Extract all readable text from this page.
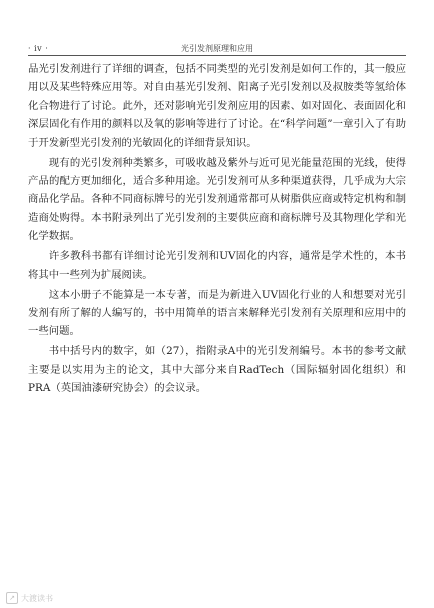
· iv ·	光引发剂原理和应用

品光引发剂进行了详细的调查，包括不同类型的光引发剂是如何工作的，其一般应用以及某些特殊应用等。对自由基光引发剂、阳离子光引发剂以及叔胺类等氢给体化合物进行了讨论。此外，还对影响光引发剂应用的因素、如对固化、表面固化和深层固化有作用的颜料以及氧的影响等进行了讨论。在“科学问题”一章引入了有助于开发新型光引发剂的光敏固化的详细背景知识。

现有的光引发剂种类繁多，可吸收越及紫外与近可见光能量范围的光线，使得产品的配方更加细化，适合多种用途。光引发剂可从多种渠道获得，几乎成为大宗商品化学品。各种不同商标牌号的光引发剂通常都可从树脂供应商或特定机构和制造商处购得。本书附录列出了光引发剂的主要供应商和商标牌号及其物理化学和光化学数据。

许多教科书都有详细讨论光引发剂和UV固化的内容，通常是学术性的，本书将其中一些列为扩展阅读。

这本小册子不能算是一本专著，而是为新进入UV固化行业的人和想要对光引发剂有所了解的人编写的，书中用简单的语言来解释光引发剂有关原理和应用中的一些问题。

书中括号内的数字，如（27），指附录A中的光引发剂编号。本书的参考文献主要是以实用为主的论文，其中大部分来自RadTech（国际辐射固化组织）和PRA（英国油漆研究协会）的会议录。

↗ 大渡读书
